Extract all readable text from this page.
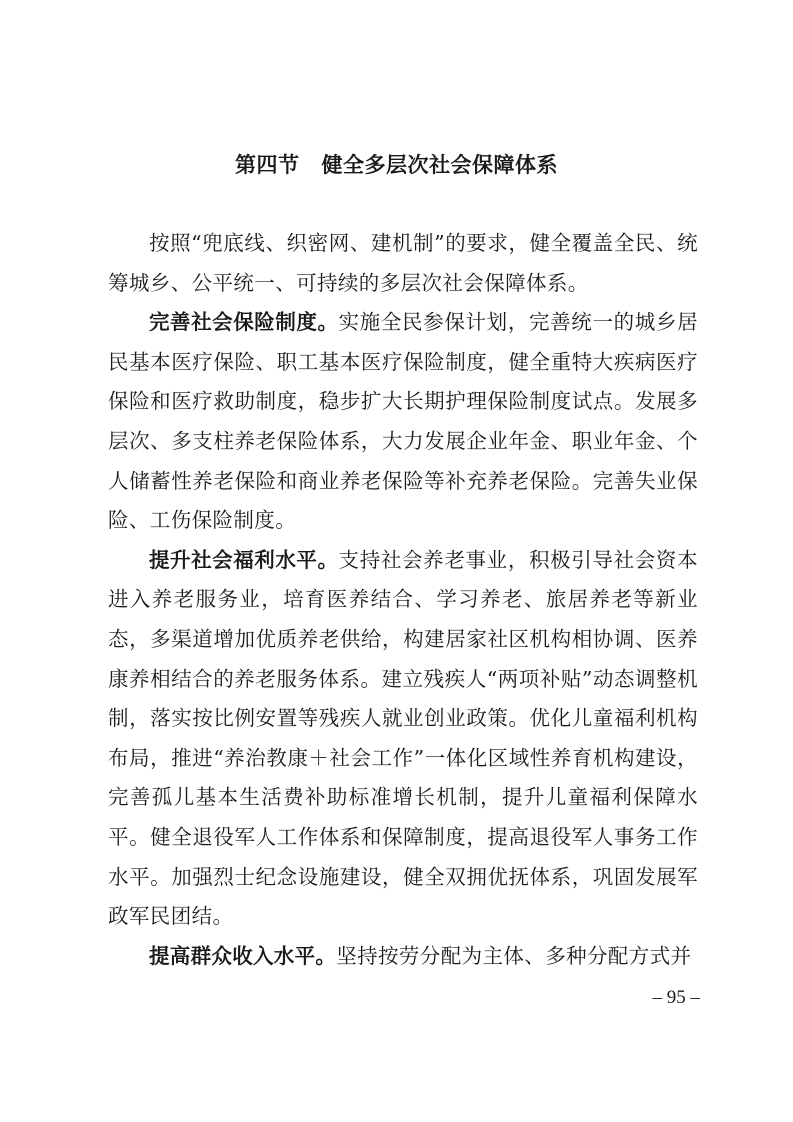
第四节 健全多层次社会保障体系

按照“兜底线、织密网、建机制”的要求，健全覆盖全民、统筹城乡、公平统一、可持续的多层次社会保障体系。

完善社会保险制度。实施全民参保计划，完善统一的城乡居民基本医疗保险、职工基本医疗保险制度，健全重特大疾病医疗保险和医疗救助制度，稳步扩大长期护理保险制度试点。发展多层次、多支柱养老保险体系，大力发展企业年金、职业年金、个人储蓄性养老保险和商业养老保险等补充养老保险。完善失业保险、工伤保险制度。

提升社会福利水平。支持社会养老事业，积极引导社会资本进入养老服务业，培育医养结合、学习养老、旅居养老等新业态，多渠道增加优质养老供给，构建居家社区机构相协调、医养康养相结合的养老服务体系。建立残疾人“两项补贴”动态调整机制，落实按比例安置等残疾人就业创业政策。优化儿童福利机构布局，推进“养治教康＋社会工作”一体化区域性养育机构建设，完善孤儿基本生活费补助标准增长机制，提升儿童福利保障水平。健全退役军人工作体系和保障制度，提高退役军人事务工作水平。加强烈士纪念设施建设，健全双拥优抚体系，巩固发展军政军民团结。

提高群众收入水平。坚持按劳分配为主体、多种分配方式并

– 95 –
